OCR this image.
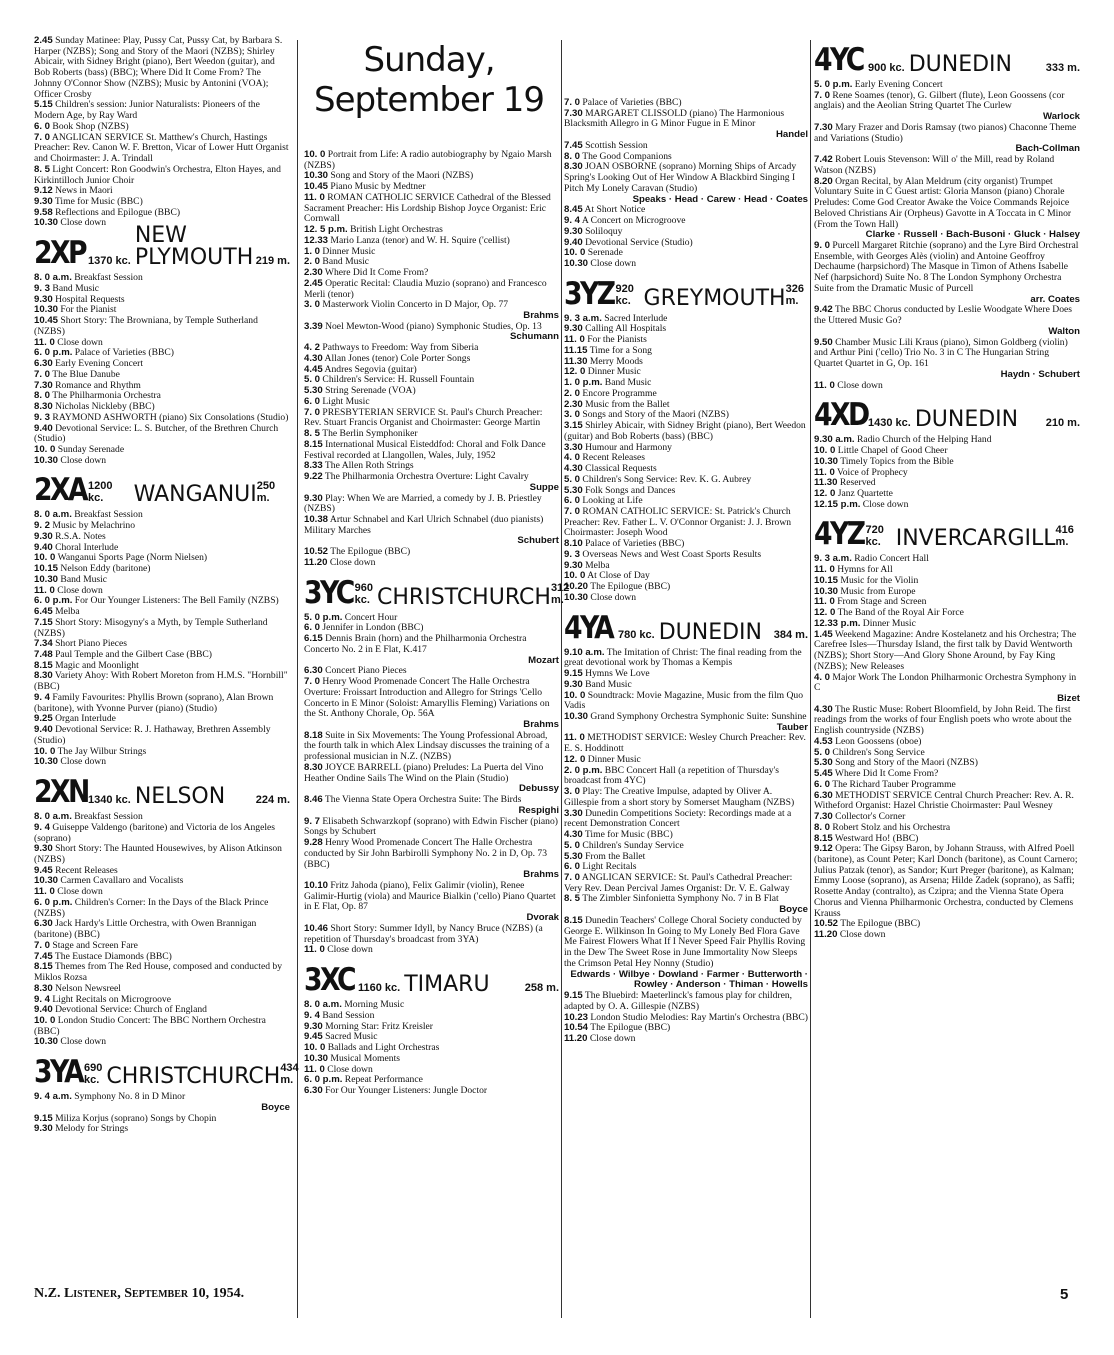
Sunday, September 19
2.45 Sunday Matinee: Play, Pussy Cat, Pussy Cat, by Barbara S. Harper (NZBS); Song and Story of the Maori (NZBS); Shirley Abicair, with Sidney Bright (piano), Bert Weedon (guitar), and Bob Roberts (bass) (BBC); Where Did It Come From? The Johnny O'Connor Show (NZBS); Music by Antonini (VOA); Officer Crosby
5.15 Children's session: Junior Naturalists: Pioneers of the Modern Age, by Ray Ward
6. 0 Book Shop (NZBS)
7. 0 ANGLICAN SERVICE St. Matthew's Church, Hastings Preacher: Rev. Canon W. F. Bretton, Vicar of Lower Hutt Organist and Choirmaster: J. A. Trindall
8. 5 Light Concert: Ron Goodwin's Orchestra, Elton Hayes, and Kirkintilloch Junior Choir
9.12 News in Maori
9.30 Time for Music (BBC)
9.58 Reflections and Epilogue (BBC)
10.30 Close down
2XP 1370 kc.
NEW PLYMOUTH 219 m.
8. 0 a.m. Breakfast Session
9. 3 Band Music
9.30 Hospital Requests
10.30 For the Pianist
10.45 Short Story: The Browniana, by Temple Sutherland (NZBS)
11. 0 Close down
6. 0 p.m. Palace of Varieties (BBC)
6.30 Early Evening Concert
7. 0 The Blue Danube
7.30 Romance and Rhythm
8. 0 The Philharmonia Orchestra
8.30 Nicholas Nickleby (BBC)
9. 3 RAYMOND ASHWORTH (piano) Six Consolations (Studio)
9.40 Devotional Service: L. S. Butcher, of the Brethren Church (Studio)
10. 0 Sunday Serenade
10.30 Close down
2XA 1200 kc.	WANGANUI 250 m.
8. 0 a.m. Breakfast Session
9. 2 Music by Melachrino
9.30 R.S.A. Notes
9.40 Choral Interlude
10. 0 Wanganui Sports Page (Norm Nielsen)
10.15 Nelson Eddy (baritone)
10.30 Band Music
11. 0 Close down
6. 0 p.m. For Our Younger Listeners: The Bell Family (NZBS)
6.45 Melba
7.15 Short Story: Misogyny's a Myth, by Temple Sutherland (NZBS)
7.34 Short Piano Pieces
7.48 Paul Temple and the Gilbert Case (BBC)
8.15 Magic and Moonlight
8.30 Variety Ahoy: With Robert Moreton from H.M.S. "Hornbill" (BBC)
9. 4 Family Favourites: Phyllis Brown (soprano), Alan Brown (baritone), with Yvonne Purver (piano) (Studio)
9.25 Organ Interlude
9.40 Devotional Service: R. J. Hathaway, Brethren Assembly (Studio)
10. 0 The Jay Wilbur Strings
10.30 Close down
2XN 1340 kc. NELSON	224 m.
8. 0 a.m. Breakfast Session
9. 4 Guiseppe Valdengo (baritone) and Victoria de los Angeles (soprano)
9.30 Short Story: The Haunted Housewives, by Alison Atkinson (NZBS)
9.45 Recent Releases
10.30 Carmen Cavallaro and Vocalists
11. 0 Close down
6. 0 p.m. Children's Corner: In the Days of the Black Prince (NZBS)
6.30 Jack Hardy's Little Orchestra, with Owen Brannigan (baritone) (BBC)
7. 0 Stage and Screen Fare
7.45 The Eustace Diamonds (BBC)
8.15 Themes from The Red House, composed and conducted by Miklos Rozsa
8.30 Nelson Newsreel
9. 4 Light Recitals on Microgroove
9.40 Devotional Service: Church of England
10. 0 London Studio Concert: The BBC Northern Orchestra (BBC)
10.30 Close down
3YA 690 kc. CHRISTCHURCH 434 m.
9. 4 a.m. Symphony No. 8 in D Minor
Boyce
9.15 Miliza Korjus (soprano) Songs by Chopin
9.30 Melody for Strings
10. 0 Portrait from Life: A radio autobiography by Ngaio Marsh (NZBS)
10.30 Song and Story of the Maori (NZBS)
10.45 Piano Music by Medtner
11. 0 ROMAN CATHOLIC SERVICE Cathedral of the Blessed Sacrament Preacher: His Lordship Bishop Joyce Organist: Eric Cornwall
12. 5 p.m. British Light Orchestras
12.33 Mario Lanza (tenor) and W. H. Squire ('cellist)
1. 0 Dinner Music
2. 0 Band Music
2.30 Where Did It Come From?
2.45 Operatic Recital: Claudia Muzio (soprano) and Francesco Merli (tenor)
3. 0 Masterwork Violin Concerto in D Major, Op. 77
Brahms
3.39 Noel Mewton-Wood (piano) Symphonic Studies, Op. 13
Schumann
4. 2 Pathways to Freedom: Way from Siberia
4.30 Allan Jones (tenor) Cole Porter Songs
4.45 Andres Segovia (guitar)
5. 0 Children's Service: H. Russell Fountain
5.30 String Serenade (VOA)
6. 0 Light Music
7. 0 PRESBYTERIAN SERVICE St. Paul's Church Preacher: Rev. Stuart Francis Organist and Choirmaster: George Martin
8. 5 The Berlin Symphoniker
8.15 International Musical Eisteddfod: Choral and Folk Dance Festival recorded at Llangollen, Wales, July, 1952
8.33 The Allen Roth Strings
9.22 The Philharmonia Orchestra Overture: Light Cavalry
Suppe
9.30 Play: When We are Married, a comedy by J. B. Priestley (NZBS)
10.38 Artur Schnabel and Karl Ulrich Schnabel (duo pianists) Military Marches
Schubert
10.52 The Epilogue (BBC)
11.20 Close down
3YC 960 kc. CHRISTCHURCH 312 m.
5. 0 p.m. Concert Hour
6. 0 Jennifer in London (BBC)
6.15 Dennis Brain (horn) and the Philharmonia Orchestra Concerto No. 2 in E Flat, K.417
Mozart
6.30 Concert Piano Pieces
7. 0 Henry Wood Promenade Concert The Halle Orchestra Overture: Froissart Introduction and Allegro for Strings 'Cello Concerto in E Minor (Soloist: Amaryllis Fleming) Variations on the St. Anthony Chorale, Op. 56A
Brahms
8.18 Suite in Six Movements: The Young Professional Abroad, the fourth talk in which Alex Lindsay discusses the training of a professional musician in N.Z. (NZBS)
8.30 JOYCE BARRELL (piano) Preludes: La Puerta del Vino Heather Ondine Sails The Wind on the Plain (Studio)
Debussy
8.46 The Vienna State Opera Orchestra Suite: The Birds
Respighi
9. 7 Elisabeth Schwarzkopf (soprano) with Edwin Fischer (piano) Songs by Schubert
9.28 Henry Wood Promenade Concert The Halle Orchestra conducted by Sir John Barbirolli Symphony No. 2 in D, Op. 73 (BBC)
Brahms
10.10 Fritz Jahoda (piano), Felix Galimir (violin), Renee Galimir-Hurtig (viola) and Maurice Bialkin ('cello) Piano Quartet in E Flat, Op. 87
Dvorak
10.46 Short Story: Summer Idyll, by Nancy Bruce (NZBS) (a repetition of Thursday's broadcast from 3YA)
11. 0 Close down
3XC 1160 kc. TIMARU	258 m.
8. 0 a.m. Morning Music
9. 4 Band Session
9.30 Morning Star: Fritz Kreisler
9.45 Sacred Music
10. 0 Ballads and Light Orchestras
10.30 Musical Moments
11. 0 Close down
6. 0 p.m. Repeat Performance
6.30 For Our Younger Listeners: Jungle Doctor
7. 0 Palace of Varieties (BBC)
7.30 MARGARET CLISSOLD (piano) The Harmonious Blacksmith Allegro in G Minor Fugue in E Minor
Handel
7.45 Scottish Session
8. 0 The Good Companions
8.30 JOAN OSBORNE (soprano) Morning Ships of Arcady Spring's Looking Out of Her Window A Blackbird Singing I Pitch My Lonely Caravan (Studio)
Speaks · Head · Carew · Head · Coates
8.45 At Short Notice
9. 4 A Concert on Microgroove
9.30 Soliloquy
9.40 Devotional Service (Studio)
10. 0 Serenade
10.30 Close down
3YZ 920 kc. GREYMOUTH 326 m.
9. 3 a.m. Sacred Interlude
9.30 Calling All Hospitals
11. 0 For the Pianists
11.15 Time for a Song
11.30 Merry Moods
12. 0 Dinner Music
1. 0 p.m. Band Music
2. 0 Encore Programme
2.30 Music from the Ballet
3. 0 Songs and Story of the Maori (NZBS)
3.15 Shirley Abicair, with Sidney Bright (piano), Bert Weedon (guitar) and Bob Roberts (bass) (BBC)
3.30 Humour and Harmony
4. 0 Recent Releases
4.30 Classical Requests
5. 0 Children's Song Service: Rev. K. G. Aubrey
5.30 Folk Songs and Dances
6. 0 Looking at Life
7. 0 ROMAN CATHOLIC SERVICE: St. Patrick's Church Preacher: Rev. Father L. V. O'Connor Organist: J. J. Brown Choirmaster: Joseph Wood
8.10 Palace of Varieties (BBC)
9. 3 Overseas News and West Coast Sports Results
9.30 Melba
10. 0 At Close of Day
10.20 The Epilogue (BBC)
10.30 Close down
4YA 780 kc. DUNEDIN	384 m.
9.10 a.m. The Imitation of Christ: The final reading from the great devotional work by Thomas a Kempis
9.15 Hymns We Love
9.30 Band Music
10. 0 Soundtrack: Movie Magazine, Music from the film Quo Vadis
10.30 Grand Symphony Orchestra Symphonic Suite: Sunshine
Tauber
11. 0 METHODIST SERVICE: Wesley Church Preacher: Rev. E. S. Hoddinott
12. 0 Dinner Music
2. 0 p.m. BBC Concert Hall (a repetition of Thursday's broadcast from 4YC)
3. 0 Play: The Creative Impulse, adapted by Oliver A. Gillespie from a short story by Somerset Maugham (NZBS)
3.30 Dunedin Competitions Society: Recordings made at a recent Demonstration Concert
4.30 Time for Music (BBC)
5. 0 Children's Sunday Service
5.30 From the Ballet
6. 0 Light Recitals
7. 0 ANGLICAN SERVICE: St. Paul's Cathedral Preacher: Very Rev. Dean Percival James Organist: Dr. V. E. Galway
8. 5 The Zimbler Sinfonietta Symphony No. 7 in B Flat
Boyce
8.15 Dunedin Teachers' College Choral Society conducted by George E. Wilkinson In Going to My Lonely Bed Flora Gave Me Fairest Flowers What If I Never Speed Fair Phyllis Roving in the Dew The Sweet Rose in June Immortality Now Sleeps the Crimson Petal Hey Nonny (Studio)
Edwards · Wilbye · Dowland · Farmer · Butterworth · Rowley · Anderson · Thiman · Howells
9.15 The Bluebird: Maeterlinck's famous play for children, adapted by O. A. Gillespie (NZBS)
10.23 London Studio Melodies: Ray Martin's Orchestra (BBC)
10.54 The Epilogue (BBC)
11.20 Close down
4YC 900 kc. DUNEDIN	333 m.
5. 0 p.m. Early Evening Concert
7. 0 Rene Soames (tenor), G. Gilbert (flute), Leon Goossens (cor anglais) and the Aeolian String Quartet The Curlew
Warlock
7.30 Mary Frazer and Doris Ramsay (two pianos) Chaconne Theme and Variations (Studio)
Bach-Collman
7.42 Robert Louis Stevenson: Will o' the Mill, read by Roland Watson (NZBS)
8.20 Organ Recital, by Alan Meldrum (city organist) Trumpet Voluntary Suite in C Guest artist: Gloria Manson (piano) Chorale Preludes: Come God Creator Awake the Voice Commands Rejoice Beloved Christians Air (Orpheus) Gavotte in A Toccata in C Minor (From the Town Hall)
Clarke · Russell · Bach-Busoni · Gluck · Halsey
9. 0 Purcell Margaret Ritchie (soprano) and the Lyre Bird Orchestral Ensemble, with Georges Alès (violin) and Antoine Geoffroy Dechaume (harpsichord) The Masque in Timon of Athens Isabelle Nef (harpsichord) Suite No. 8 The London Symphony Orchestra Suite from the Dramatic Music of Purcell
arr. Coates
9.42 The BBC Chorus conducted by Leslie Woodgate Where Does the Uttered Music Go?
Walton
9.50 Chamber Music Lili Kraus (piano), Simon Goldberg (violin) and Arthur Pini ('cello) Trio No. 3 in C The Hungarian String Quartet Quartet in G, Op. 161
Haydn · Schubert
11. 0 Close down
4XD 1430 kc. DUNEDIN	210 m.
9.30 a.m. Radio Church of the Helping Hand
10. 0 Little Chapel of Good Cheer
10.30 Timely Topics from the Bible
11. 0 Voice of Prophecy
11.30 Reserved
12. 0 Janz Quartette
12.15 p.m. Close down
4YZ 720 kc. INVERCARGILL 416 m.
9. 3 a.m. Radio Concert Hall
11. 0 Hymns for All
10.15 Music for the Violin
10.30 Music from Europe
11. 0 From Stage and Screen
12. 0 The Band of the Royal Air Force
12.33 p.m. Dinner Music
1.45 Weekend Magazine: Andre Kostelanetz and his Orchestra; The Carefree Isles—Thursday Island, the first talk by David Wentworth (NZBS); Short Story—And Glory Shone Around, by Fay King (NZBS); New Releases
4. 0 Major Work The London Philharmonic Orchestra Symphony in C
Bizet
4.30 The Rustic Muse: Robert Bloomfield, by John Reid. The first readings from the works of four English poets who wrote about the English countryside (NZBS)
4.53 Leon Goossens (oboe)
5. 0 Children's Song Service
5.30 Song and Story of the Maori (NZBS)
5.45 Where Did It Come From?
6. 0 The Richard Tauber Programme
6.30 METHODIST SERVICE Central Church Preacher: Rev. A. R. Witheford Organist: Hazel Christie Choirmaster: Paul Wesney
7.30 Collector's Corner
8. 0 Robert Stolz and his Orchestra
8.15 Westward Ho! (BBC)
9.12 Opera: The Gipsy Baron, by Johann Strauss, with Alfred Poell (baritone), as Count Peter; Karl Donch (baritone), as Count Carnero; Julius Patzak (tenor), as Sandor; Kurt Preger (baritone), as Kalman; Emmy Loose (soprano), as Arsena; Hilde Zadek (soprano), as Saffi; Rosette Anday (contralto), as Czipra; and the Vienna State Opera Chorus and Vienna Philharmonic Orchestra, conducted by Clemens Krauss
10.52 The Epilogue (BBC)
11.20 Close down
N.Z. Listener, September 10, 1954.	5
